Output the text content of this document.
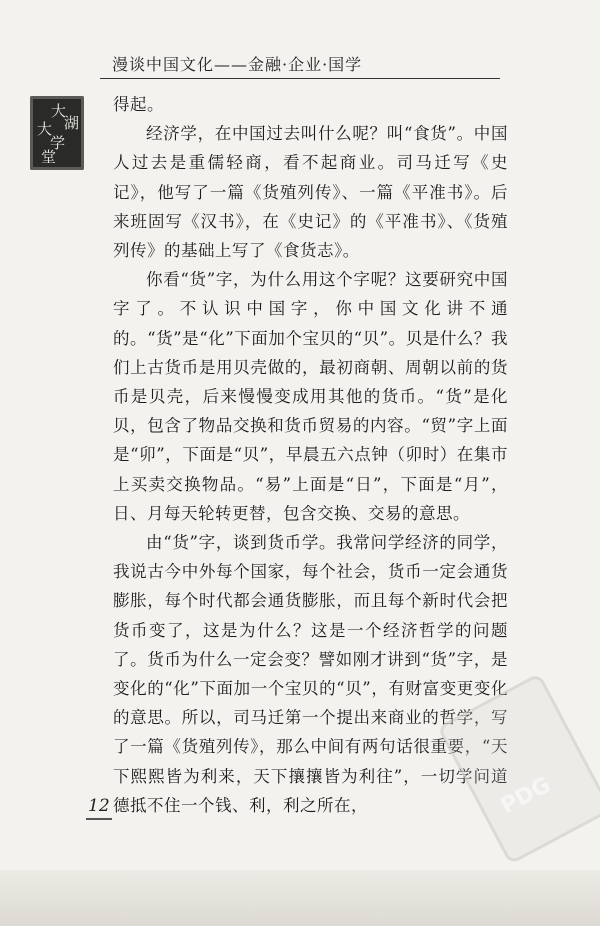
漫谈中国文化——金融·企业·国学
大
湖
大
学
堂

得起。

经济学，在中国过去叫什么呢？叫“食货”。中国人过去是重儒轻商，看不起商业。司马迁写《史记》，他写了一篇《货殖列传》、一篇《平准书》。后来班固写《汉书》，在《史记》的《平准书》、《货殖列传》的基础上写了《食货志》。

你看“货”字，为什么用这个字呢？这要研究中国字了。不认识中国字，你中国文化讲不通的。“货”是“化”下面加个宝贝的“贝”。贝是什么？我们上古货币是用贝壳做的，最初商朝、周朝以前的货币是贝壳，后来慢慢变成用其他的货币。“货”是化贝，包含了物品交换和货币贸易的内容。“贸”字上面是“卯”，下面是“贝”，早晨五六点钟（卯时）在集市上买卖交换物品。“易”上面是“日”，下面是“月”，日、月每天轮转更替，包含交换、交易的意思。

由“货”字，谈到货币学。我常问学经济的同学，我说古今中外每个国家，每个社会，货币一定会通货膨胀，每个时代都会通货膨胀，而且每个新时代会把货币变了，这是为什么？这是一个经济哲学的问题了。货币为什么一定会变？譬如刚才讲到“货”字，是变化的“化”下面加一个宝贝的“贝”，有财富变更变化的意思。所以，司马迁第一个提出来商业的哲学，写了一篇《货殖列传》，那么中间有两句话很重要，“天下熙熙皆为利来，天下攘攘皆为利往”，一切学问道德抵不住一个钱、利，利之所在，

12	PDG
